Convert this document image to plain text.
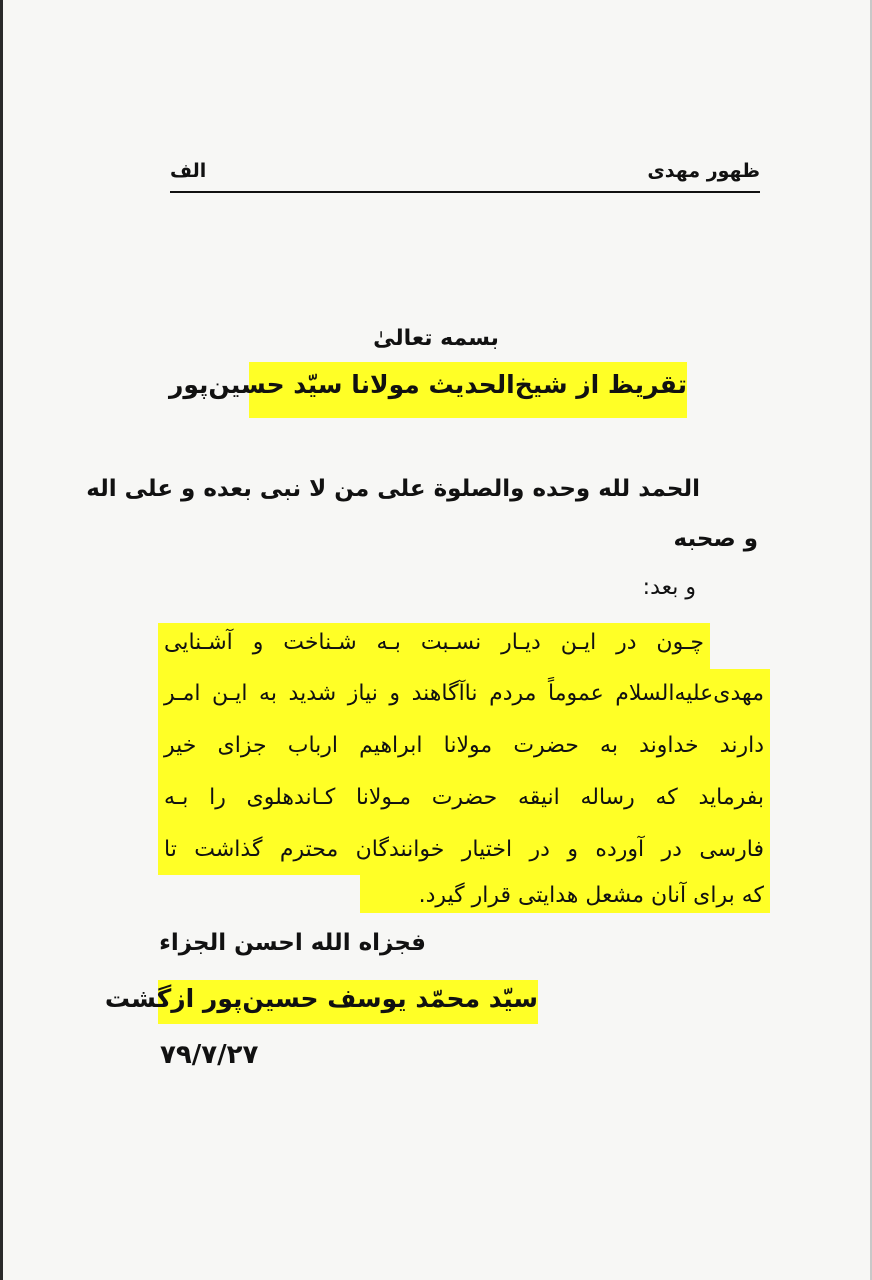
ظهور مهدی
الف
بسمه تعالیٰ
تقریظ از شیخ‌الحدیث مولانا سیّد حسین‌پور
الحمد لله وحده والصلوة علی من لا نبی بعده و علی اله
و صحبه
و بعد:
چـون در ایـن دیـار نسـبت بـه شـناخت و آشـنایی
مهدی‌علیه‌السلام عموماً مردم ناآگاهند و نیاز شدید به ایـن امـر
دارند خداوند به حضرت مولانا ابراهیم ارباب جزای خیر
بفرماید که رساله انیقه حضرت مـولانا کـاندهلوی را بـه
فارسی در آورده و در اختیار خوانندگان محترم گذاشت تا
که برای آنان مشعل هدایتی قرار گیرد.
فجزاه الله احسن الجزاء
سیّد محمّد یوسف حسین‌پور ازگشت
۷۹/۷/۲۷
